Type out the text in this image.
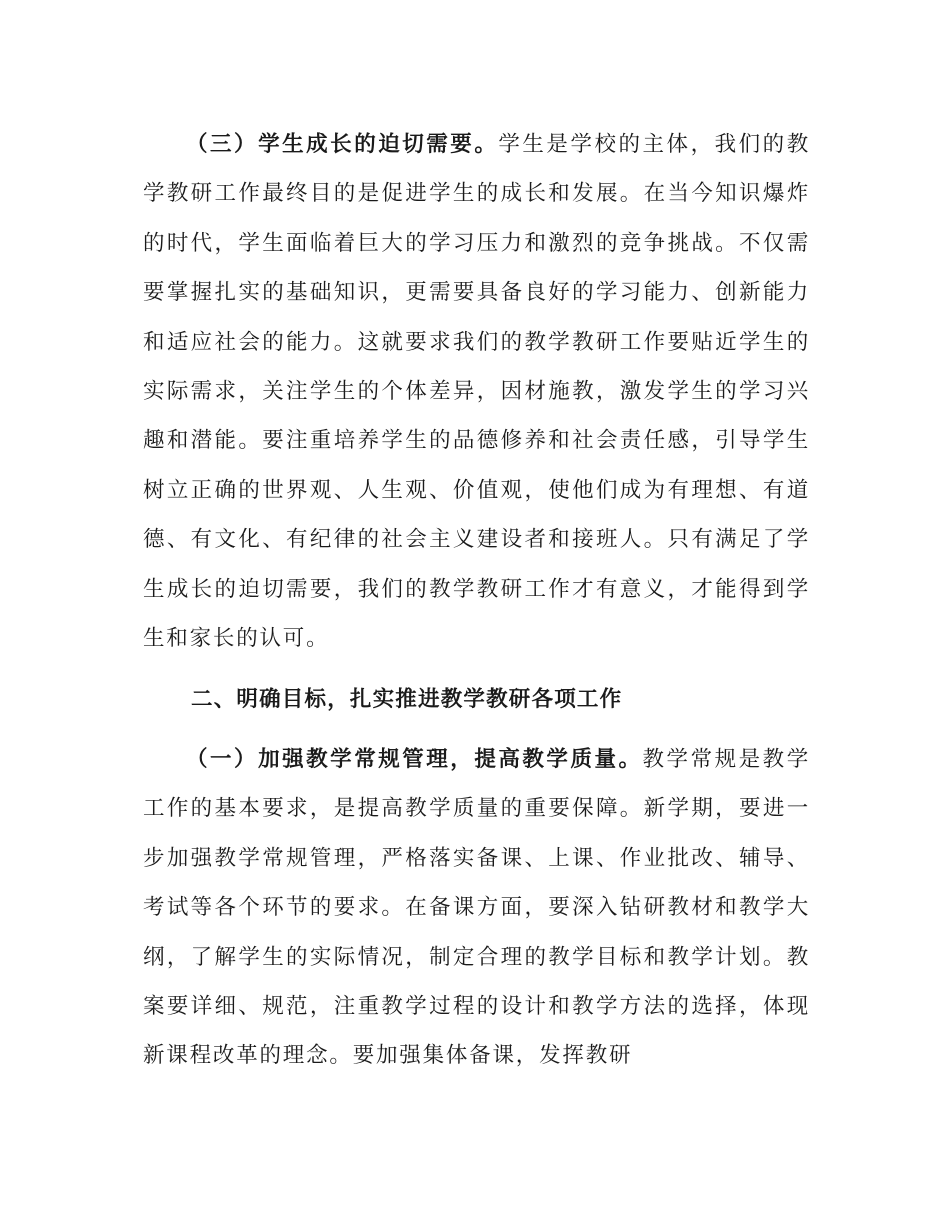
（三）学生成长的迫切需要。学生是学校的主体，我们的教学教研工作最终目的是促进学生的成长和发展。在当今知识爆炸的时代，学生面临着巨大的学习压力和激烈的竞争挑战。不仅需要掌握扎实的基础知识，更需要具备良好的学习能力、创新能力和适应社会的能力。这就要求我们的教学教研工作要贴近学生的实际需求，关注学生的个体差异，因材施教，激发学生的学习兴趣和潜能。要注重培养学生的品德修养和社会责任感，引导学生树立正确的世界观、人生观、价值观，使他们成为有理想、有道德、有文化、有纪律的社会主义建设者和接班人。只有满足了学生成长的迫切需要，我们的教学教研工作才有意义，才能得到学生和家长的认可。

二、明确目标，扎实推进教学教研各项工作

（一）加强教学常规管理，提高教学质量。教学常规是教学工作的基本要求，是提高教学质量的重要保障。新学期，要进一步加强教学常规管理，严格落实备课、上课、作业批改、辅导、考试等各个环节的要求。在备课方面，要深入钻研教材和教学大纲，了解学生的实际情况，制定合理的教学目标和教学计划。教案要详细、规范，注重教学过程的设计和教学方法的选择，体现新课程改革的理念。要加强集体备课，发挥教研
